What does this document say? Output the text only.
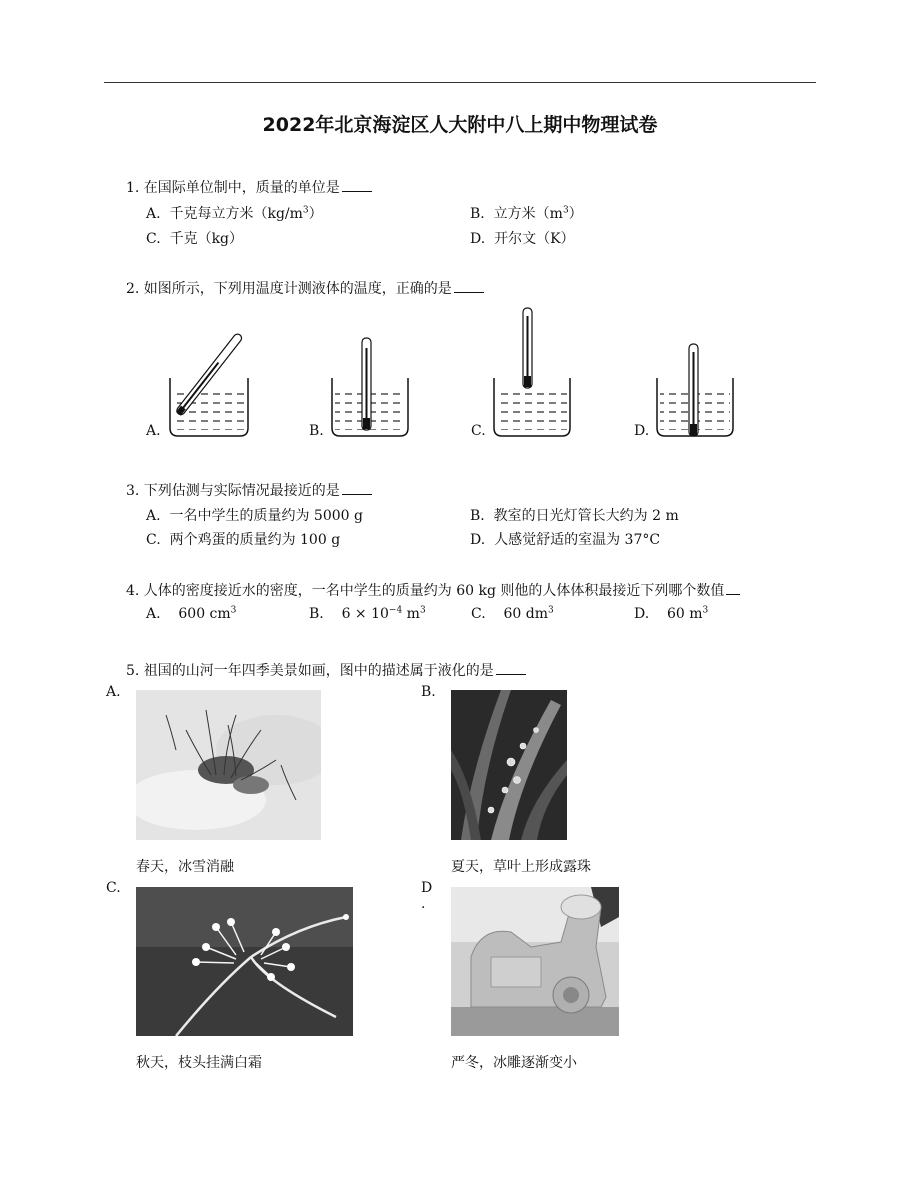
2022年北京海淀区人大附中八上期中物理试卷
1. 在国际单位制中，质量的单位是
A. 千克每立方米$(kg/m^3)$	B. 立方米$(m^3)$
C. 千克（kg）	D. 开尔文（K）
2. 如图所示，下列用温度计测液体的温度，正确的是
A.	B.	C.	D.
3. 下列估测与实际情况最接近的是
A. 一名中学生的质量约为 5000 g	B. 教室的日光灯管长大约为 2 m
C. 两个鸡蛋的质量约为 100 g	D. 人感觉舒适的室温为 37°C
4. 人体的密度接近水的密度，一名中学生的质量约为 60 kg 则他的人体体积最接近下列哪个数值
A. 600 $cm^3$	B. $6 \times 10^{-4}$ $m^3$	C. 60 $dm^3$	D. 60 $m^3$
5. 祖国的山河一年四季美景如画，图中的描述属于液化的是
A.
春天，冰雪消融
B.
夏天，草叶上形成露珠
C.
秋天，枝头挂满白霜
D
.
严冬，冰雕逐渐变小
